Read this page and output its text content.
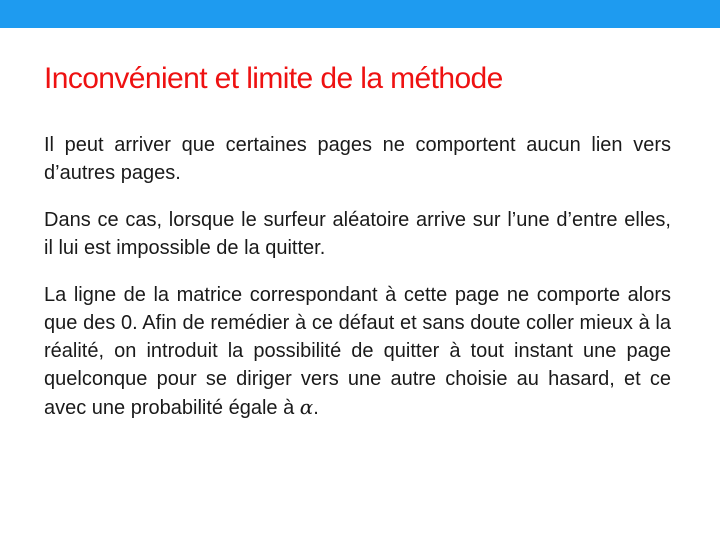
Inconvénient et limite de la méthode

Il peut arriver que certaines pages ne comportent aucun lien vers d’autres pages.

Dans ce cas, lorsque le surfeur aléatoire arrive sur l’une d’entre elles, il lui est impossible de la quitter.

La ligne de la matrice correspondant à cette page ne comporte alors que des 0. Afin de remédier à ce défaut et sans doute coller mieux à la réalité, on introduit la possibilité de quitter à tout instant une page quelconque pour se diriger vers une autre choisie au hasard, et ce avec une probabilité égale à α.
